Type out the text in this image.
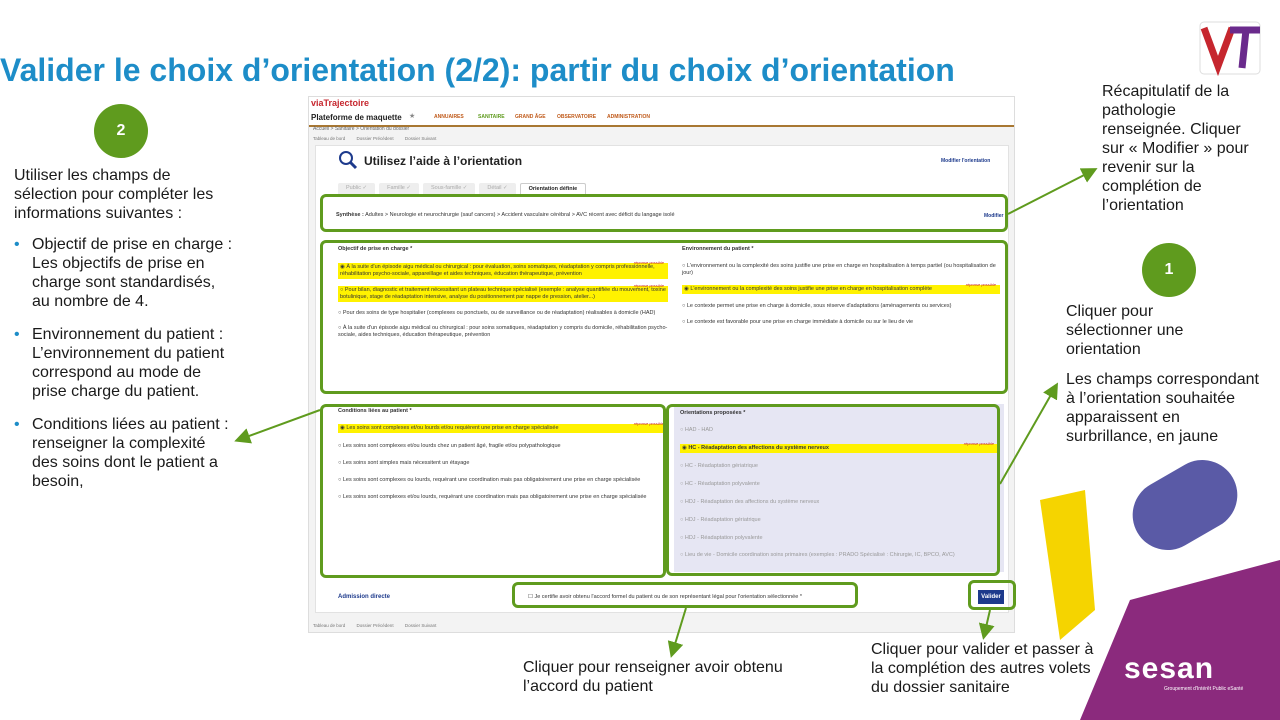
Valider le choix d’orientation (2/2): partir du choix d’orientation
2
1
Utiliser les champs de sélection pour compléter les informations suivantes :
• Objectif de prise en charge : Les objectifs de prise en charge sont standardisés, au nombre de 4.
• Environnement du patient : L’environnement du patient correspond au mode de prise charge du patient.
• Conditions liées au patient : renseigner la complexité des soins dont le patient a besoin,
Récapitulatif de la pathologie renseignée. Cliquer sur « Modifier » pour revenir sur la complétion de l’orientation
Cliquer pour sélectionner une orientation
Les champs correspondant à l’orientation souhaitée apparaissent en surbrillance, en jaune
Cliquer pour valider et passer à la complétion des autres volets du dossier sanitaire
Cliquer pour renseigner avoir obtenu l’accord du patient
sesan
Groupement d'Intérêt Public eSanté
viaTrajectoire
Plateforme de maquette ★	ANNUAIRES	SANITAIRE GRAND ÂGE OBSERVATOIRE ADMINISTRATION
Accueil > Sanitaire > Orientation du dossier
Tableau de bord	Dossier Précédent	Dossier Suivant
Utilisez l’aide à l’orientation	Modifier l'orientation
Public ✓	Famille ✓	Sous-famille ✓	Détail ✓	Orientation définie
Synthèse : Adultes > Neurologie et neurochirurgie (sauf cancers) > Accident vasculaire cérébral > AVC récent avec déficit du langage isolé	Modifier
Objectif de prise en charge *
réponse possible
◉ À la suite d'un épisode aigu médical ou chirurgical : pour évaluation, soins somatiques, réadaptation y compris professionnelle, réhabilitation psycho-sociale, appareillage et aides techniques, éducation thérapeutique, prévention
réponse possible
○ Pour bilan, diagnostic et traitement nécessitant un plateau technique spécialisé (exemple : analyse quantifiée du mouvement, toxine botulinique, stage de réadaptation intensive, analyse du positionnement par nappe de pression, atelier...)
○ Pour des soins de type hospitalier (complexes ou ponctuels, ou de surveillance ou de réadaptation) réalisables à domicile (HAD)
○ À la suite d'un épisode aigu médical ou chirurgical : pour soins somatiques, réadaptation y compris du domicile, réhabilitation psycho-sociale, aides techniques, éducation thérapeutique, prévention
Environnement du patient *
○ L'environnement ou la complexité des soins justifie une prise en charge en hospitalisation à temps partiel (ou hospitalisation de jour)
réponse possible
◉ L'environnement ou la complexité des soins justifie une prise en charge en hospitalisation complète
○ Le contexte permet une prise en charge à domicile, sous réserve d'adaptations (aménagements ou services)
○ Le contexte est favorable pour une prise en charge immédiate à domicile ou sur le lieu de vie
Conditions liées au patient *
réponse possible
◉ Les soins sont complexes et/ou lourds et/ou requièrent une prise en charge spécialisée
○ Les soins sont complexes et/ou lourds chez un patient âgé, fragile et/ou polypathologique
○ Les soins sont simples mais nécessitent un étayage
○ Les soins sont complexes ou lourds, requérant une coordination mais pas obligatoirement une prise en charge spécialisée
○ Les soins sont complexes et/ou lourds, requérant une coordination mais pas obligatoirement une prise en charge spécialisée
Orientations proposées *
○ HAD - HAD
réponse possible
◉ HC - Réadaptation des affections du système nerveux
○ HC - Réadaptation gériatrique
○ HC - Réadaptation polyvalente
○ HDJ - Réadaptation des affections du système nerveux
○ HDJ - Réadaptation gériatrique
○ HDJ - Réadaptation polyvalente
○ Lieu de vie - Domicile coordination soins primaires (exemples : PRADO Spécialisé : Chirurgie, IC, BPCO, AVC)
Admission directe	☐ Je certifie avoir obtenu l'accord formel du patient ou de son représentant légal pour l'orientation sélectionnée *	Valider
Tableau de bord	Dossier Précédent	Dossier Suivant
